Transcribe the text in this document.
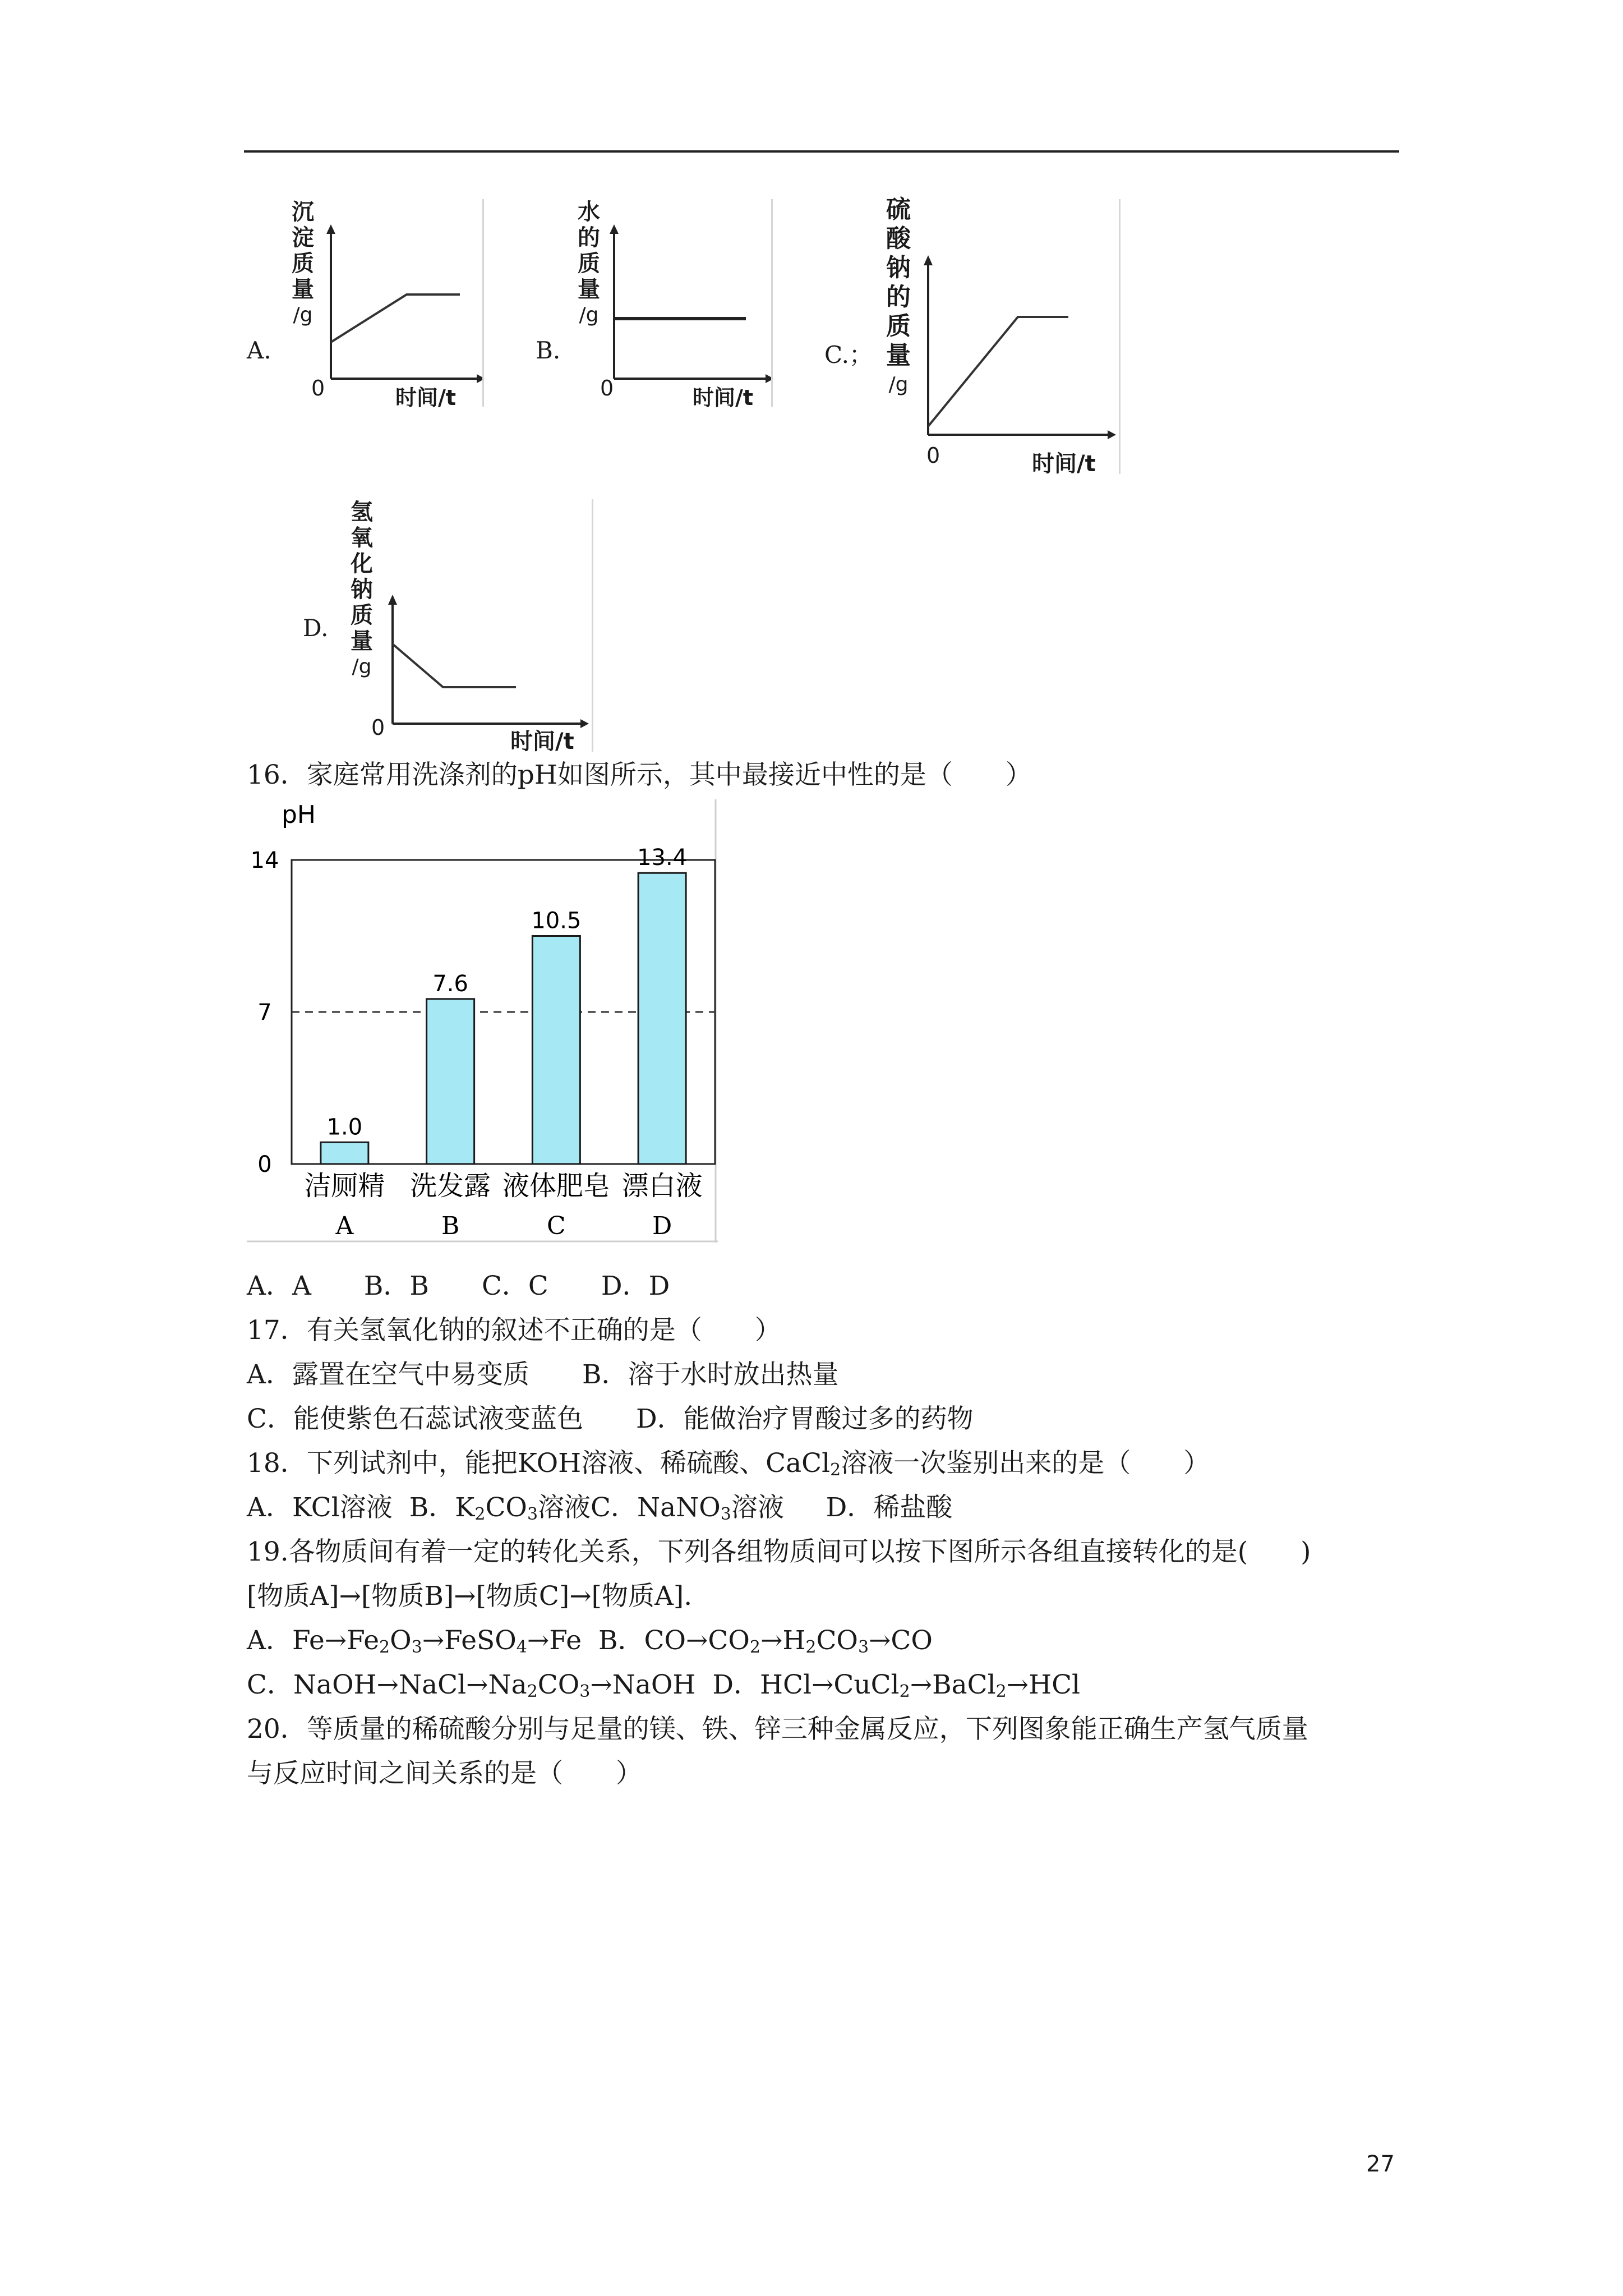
A.
沉
淀
质
量
/g
0	时间/t
B.
水
的
质
量
/g
0	时间/t
C.；
硫
酸
钠
的
质
量
/g
0	时间/t
D.
氢
氧
化
钠
质
量
/g
0
时间/t
16．家庭常用洗涤剂的pH如图所示，其中最接近中性的是（　　）
pH
0
7
14
1.0
7.6
10.5
13.4
洁厕精
A
洗发露
B
液体肥皂
C
漂白液
D
A．A　　B．B　　C．C　　D．D
17．有关氢氧化钠的叙述不正确的是（　　）
A．露置在空气中易变质　　B．溶于水时放出热量
C．能使紫色石蕊试液变蓝色　　D．能做治疗胃酸过多的药物
18．下列试剂中，能把KOH溶液、稀硫酸、CaCl$_2$溶液一次鉴别出来的是（　　）
A．KCl溶液 B．$K_2CO_3$溶液C．NaNO$_3$溶液 D．稀盐酸
19.各物质间有着一定的转化关系，下列各组物质间可以按下图所示各组直接转化的是(　　)
[物质A]→[物质B]→[物质C]→[物质A].
A．$Fe\to Fe_2O_3\to FeSO_4\to Fe$ B．$CO\to CO_2\to H_2CO_3\to CO$
C．$NaOH\to NaCl\to Na_2CO_3\to NaOH$ D．HCl→CuCl$_2$→BaCl$_2$→HCl
20．等质量的稀硫酸分别与足量的镁、铁、锌三种金属反应，下列图象能正确生产氢气质量
与反应时间之间关系的是（　　）
27
